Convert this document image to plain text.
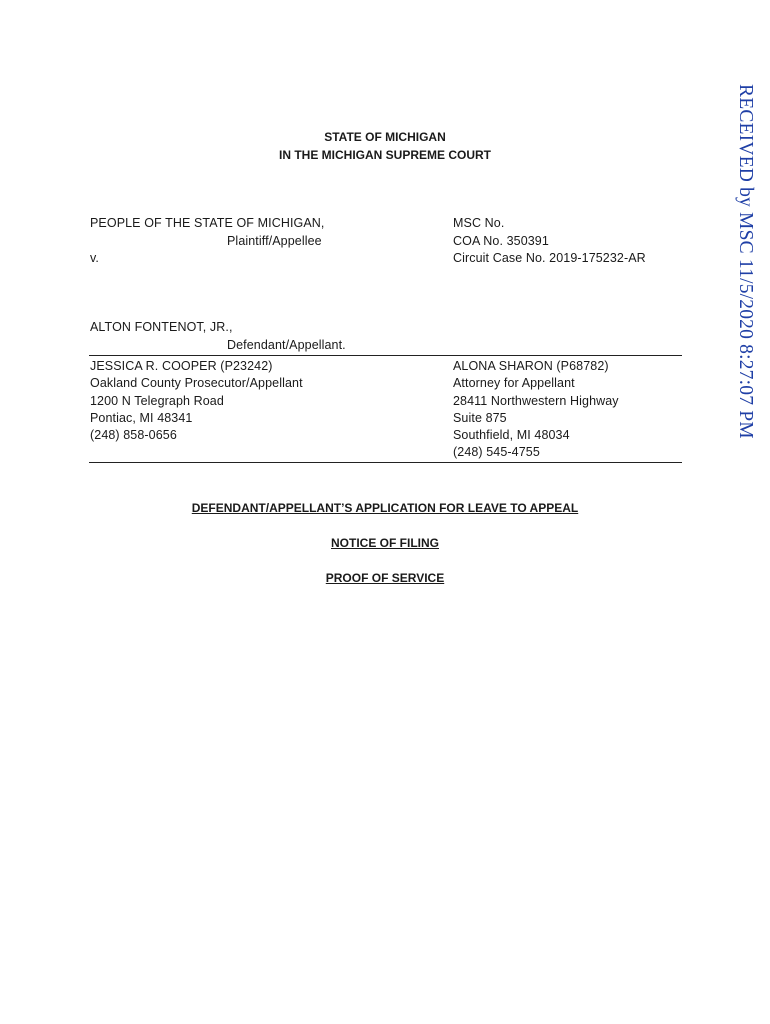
STATE OF MICHIGAN
IN THE MICHIGAN SUPREME COURT
PEOPLE OF THE STATE OF MICHIGAN,
Plaintiff/Appellee
v.
ALTON FONTENOT, JR.,
Defendant/Appellant.
MSC No.
COA No. 350391
Circuit Case No. 2019-175232-AR
JESSICA R. COOPER (P23242)
Oakland County Prosecutor/Appellant
1200 N Telegraph Road
Pontiac, MI 48341
(248) 858-0656
ALONA SHARON (P68782)
Attorney for Appellant
28411 Northwestern Highway
Suite 875
Southfield, MI 48034
(248) 545-4755
DEFENDANT/APPELLANT’S APPLICATION FOR LEAVE TO APPEAL
NOTICE OF FILING
PROOF OF SERVICE
RECEIVED by MSC 11/5/2020 8:27:07 PM
